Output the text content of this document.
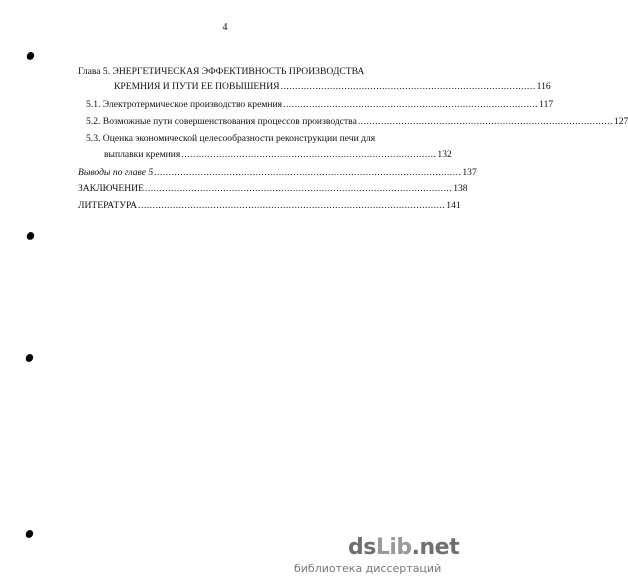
4
Глава 5. ЭНЕРГЕТИЧЕСКАЯ ЭФФЕКТИВНОСТЬ ПРОИЗВОДСТВА
КРЕМНИЯ И ПУТИ ЕЕ ПОВЫШЕНИЯ ........................................................................................ 116
5.1. Электротермическое производство кремния ........................................................................................ 117
5.2. Возможные пути совершенствования процессов производства ........................................................................................ 127
5.3. Оценка экономической целесообразности реконструкции печи для
выплавки кремния ........................................................................................ 132
Выводы по главе 5 .......................................................................................................... 137
ЗАКЛЮЧЕНИЕ .......................................................................................................... 138
ЛИТЕРАТУРА .......................................................................................................... 141
dsLib.net
библиотека диссертаций
